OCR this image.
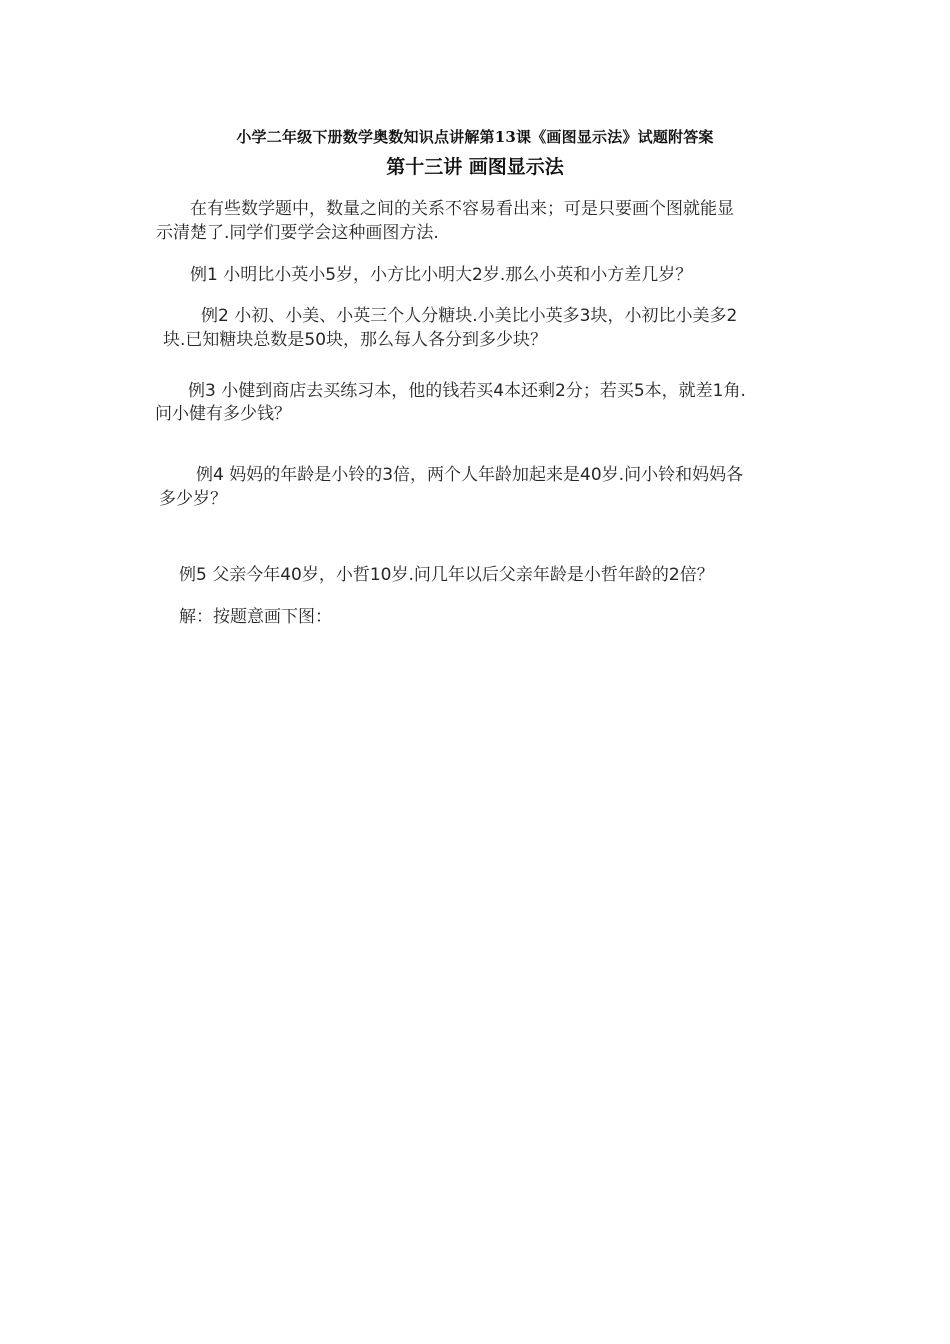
小学二年级下册数学奥数知识点讲解第13课《画图显示法》试题附答案
第十三讲 画图显示法
在有些数学题中，数量之间的关系不容易看出来；可是只要画个图就能显
示清楚了.同学们要学会这种画图方法.
例1 小明比小英小5岁，小方比小明大2岁.那么小英和小方差几岁？
例2 小初、小美、小英三个人分糖块.小美比小英多3块，小初比小美多2
块.已知糖块总数是50块，那么每人各分到多少块？
例3 小健到商店去买练习本，他的钱若买4本还剩2分；若买5本，就差1角.
问小健有多少钱？
例4 妈妈的年龄是小铃的3倍，两个人年龄加起来是40岁.问小铃和妈妈各
多少岁？
例5 父亲今年40岁，小哲10岁.问几年以后父亲年龄是小哲年龄的2倍？
解：按题意画下图：
